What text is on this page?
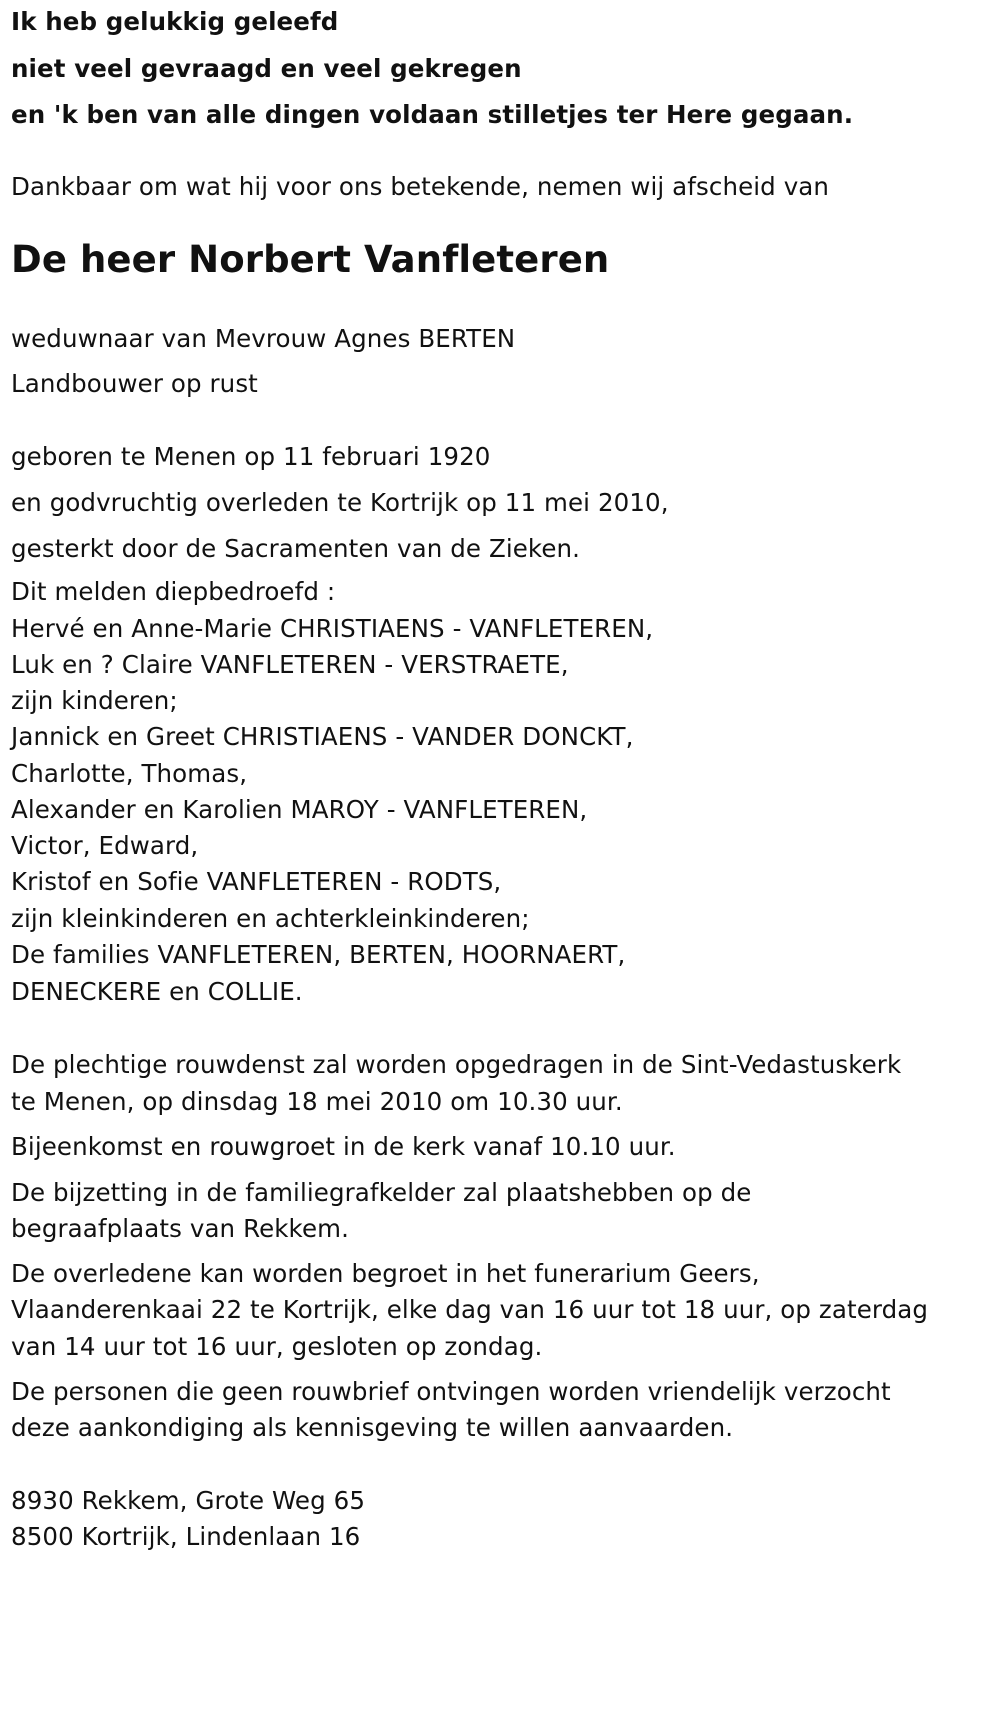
Ik heb gelukkig geleefd
niet veel gevraagd en veel gekregen
en 'k ben van alle dingen voldaan stilletjes ter Here gegaan.
Dankbaar om wat hij voor ons betekende, nemen wij afscheid van
De heer Norbert Vanfleteren
weduwnaar van Mevrouw Agnes BERTEN
Landbouwer op rust
geboren te Menen op 11 februari 1920
en godvruchtig overleden te Kortrijk op 11 mei 2010,
gesterkt door de Sacramenten van de Zieken.
Dit melden diepbedroefd :
Hervé en Anne-Marie CHRISTIAENS - VANFLETEREN,
Luk en ? Claire VANFLETEREN - VERSTRAETE,
zijn kinderen;
Jannick en Greet CHRISTIAENS - VANDER DONCKT,
Charlotte, Thomas,
Alexander en Karolien MAROY - VANFLETEREN,
Victor, Edward,
Kristof en Sofie VANFLETEREN - RODTS,
zijn kleinkinderen en achterkleinkinderen;
De families VANFLETEREN, BERTEN, HOORNAERT,
DENECKERE en COLLIE.
De plechtige rouwdenst zal worden opgedragen in de Sint-Vedastuskerk
te Menen, op dinsdag 18 mei 2010 om 10.30 uur.
Bijeenkomst en rouwgroet in de kerk vanaf 10.10 uur.
De bijzetting in de familiegrafkelder zal plaatshebben op de
begraafplaats van Rekkem.
De overledene kan worden begroet in het funerarium Geers,
Vlaanderenkaai 22 te Kortrijk, elke dag van 16 uur tot 18 uur, op zaterdag
van 14 uur tot 16 uur, gesloten op zondag.
De personen die geen rouwbrief ontvingen worden vriendelijk verzocht
deze aankondiging als kennisgeving te willen aanvaarden.
8930 Rekkem, Grote Weg 65
8500 Kortrijk, Lindenlaan 16
